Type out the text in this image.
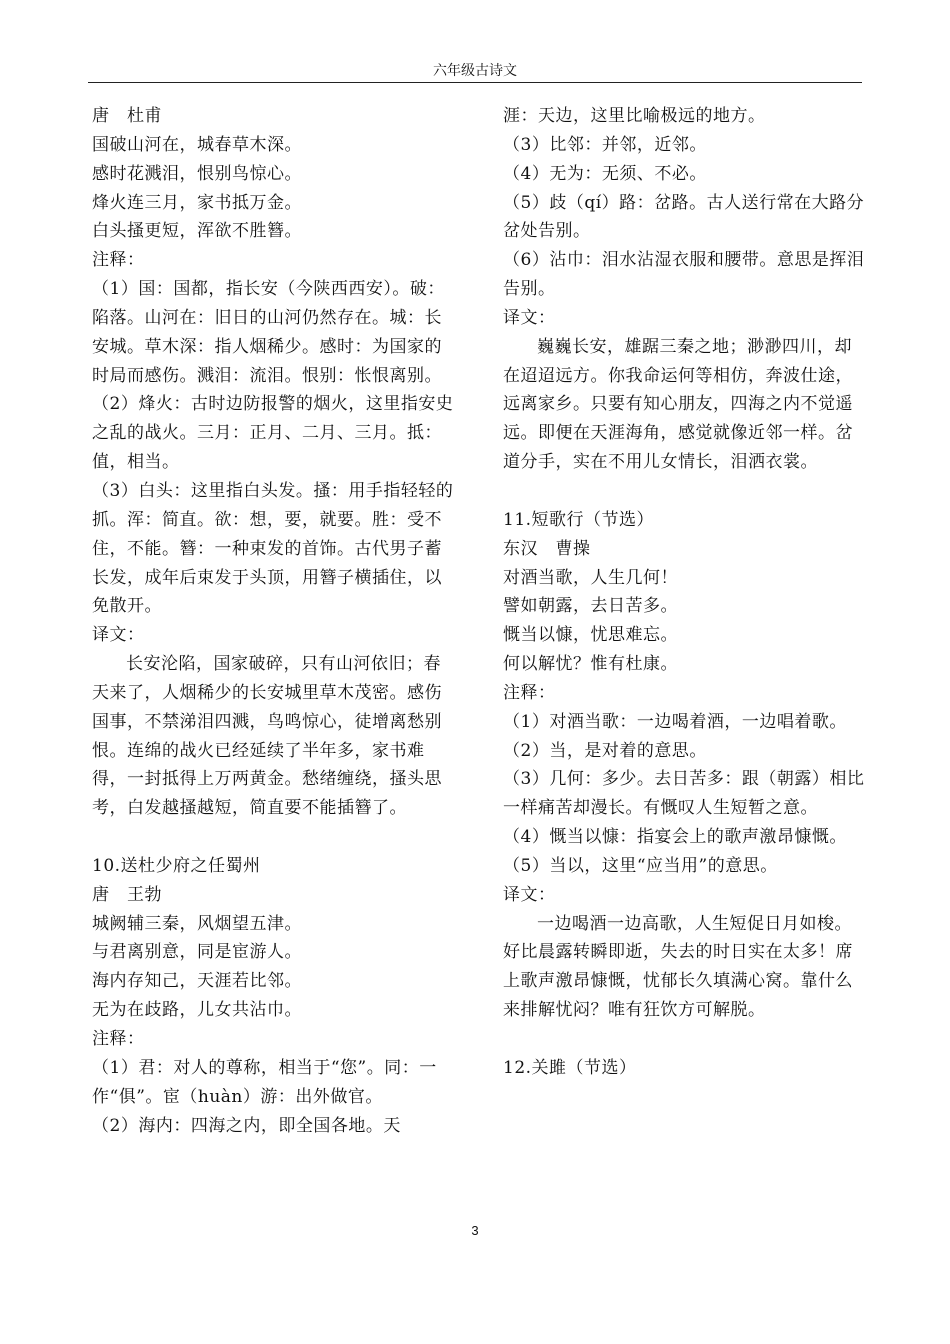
六年级古诗文

唐　杜甫

国破山河在，城春草木深。

感时花溅泪，恨别鸟惊心。

烽火连三月，家书抵万金。

白头搔更短，浑欲不胜簪。

注释：

（1）国：国都，指长安（今陕西西安）。破：陷落。山河在：旧日的山河仍然存在。城：长安城。草木深：指人烟稀少。感时：为国家的时局而感伤。溅泪：流泪。恨别：怅恨离别。

（2）烽火：古时边防报警的烟火，这里指安史之乱的战火。三月：正月、二月、三月。抵：值，相当。

（3）白头：这里指白头发。搔：用手指轻轻的抓。浑：简直。欲：想，要，就要。胜：受不住，不能。簪：一种束发的首饰。古代男子蓄长发，成年后束发于头顶，用簪子横插住，以免散开。

译文：

长安沦陷，国家破碎，只有山河依旧；春天来了，人烟稀少的长安城里草木茂密。感伤国事，不禁涕泪四溅，鸟鸣惊心，徒增离愁别恨。连绵的战火已经延续了半年多，家书难得，一封抵得上万两黄金。愁绪缠绕，搔头思考，白发越搔越短，简直要不能插簪了。

10.送杜少府之任蜀州

唐　王勃

城阙辅三秦，风烟望五津。

与君离别意，同是宦游人。

海内存知己，天涯若比邻。

无为在歧路，儿女共沾巾。

注释：

（1）君：对人的尊称，相当于“您”。同：一作“俱”。宦（huàn）游：出外做官。

（2）海内：四海之内，即全国各地。天

涯：天边，这里比喻极远的地方。

（3）比邻：并邻，近邻。

（4）无为：无须、不必。

（5）歧（qí）路：岔路。古人送行常在大路分岔处告别。

（6）沾巾：泪水沾湿衣服和腰带。意思是挥泪告别。

译文：

巍巍长安，雄踞三秦之地；渺渺四川，却在迢迢远方。你我命运何等相仿，奔波仕途，远离家乡。只要有知心朋友，四海之内不觉遥远。即便在天涯海角，感觉就像近邻一样。岔道分手，实在不用儿女情长，泪洒衣裳。

11.短歌行（节选）

东汉　曹操

对酒当歌，人生几何！

譬如朝露，去日苦多。

慨当以慷，忧思难忘。

何以解忧？惟有杜康。

注释：

（1）对酒当歌：一边喝着酒，一边唱着歌。

（2）当，是对着的意思。

（3）几何：多少。去日苦多：跟（朝露）相比一样痛苦却漫长。有慨叹人生短暂之意。

（4）慨当以慷：指宴会上的歌声激昂慷慨。

（5）当以，这里“应当用”的意思。

译文：

一边喝酒一边高歌，人生短促日月如梭。好比晨露转瞬即逝，失去的时日实在太多！席上歌声激昂慷慨，忧郁长久填满心窝。靠什么来排解忧闷？唯有狂饮方可解脱。

12.关雎（节选）

3
